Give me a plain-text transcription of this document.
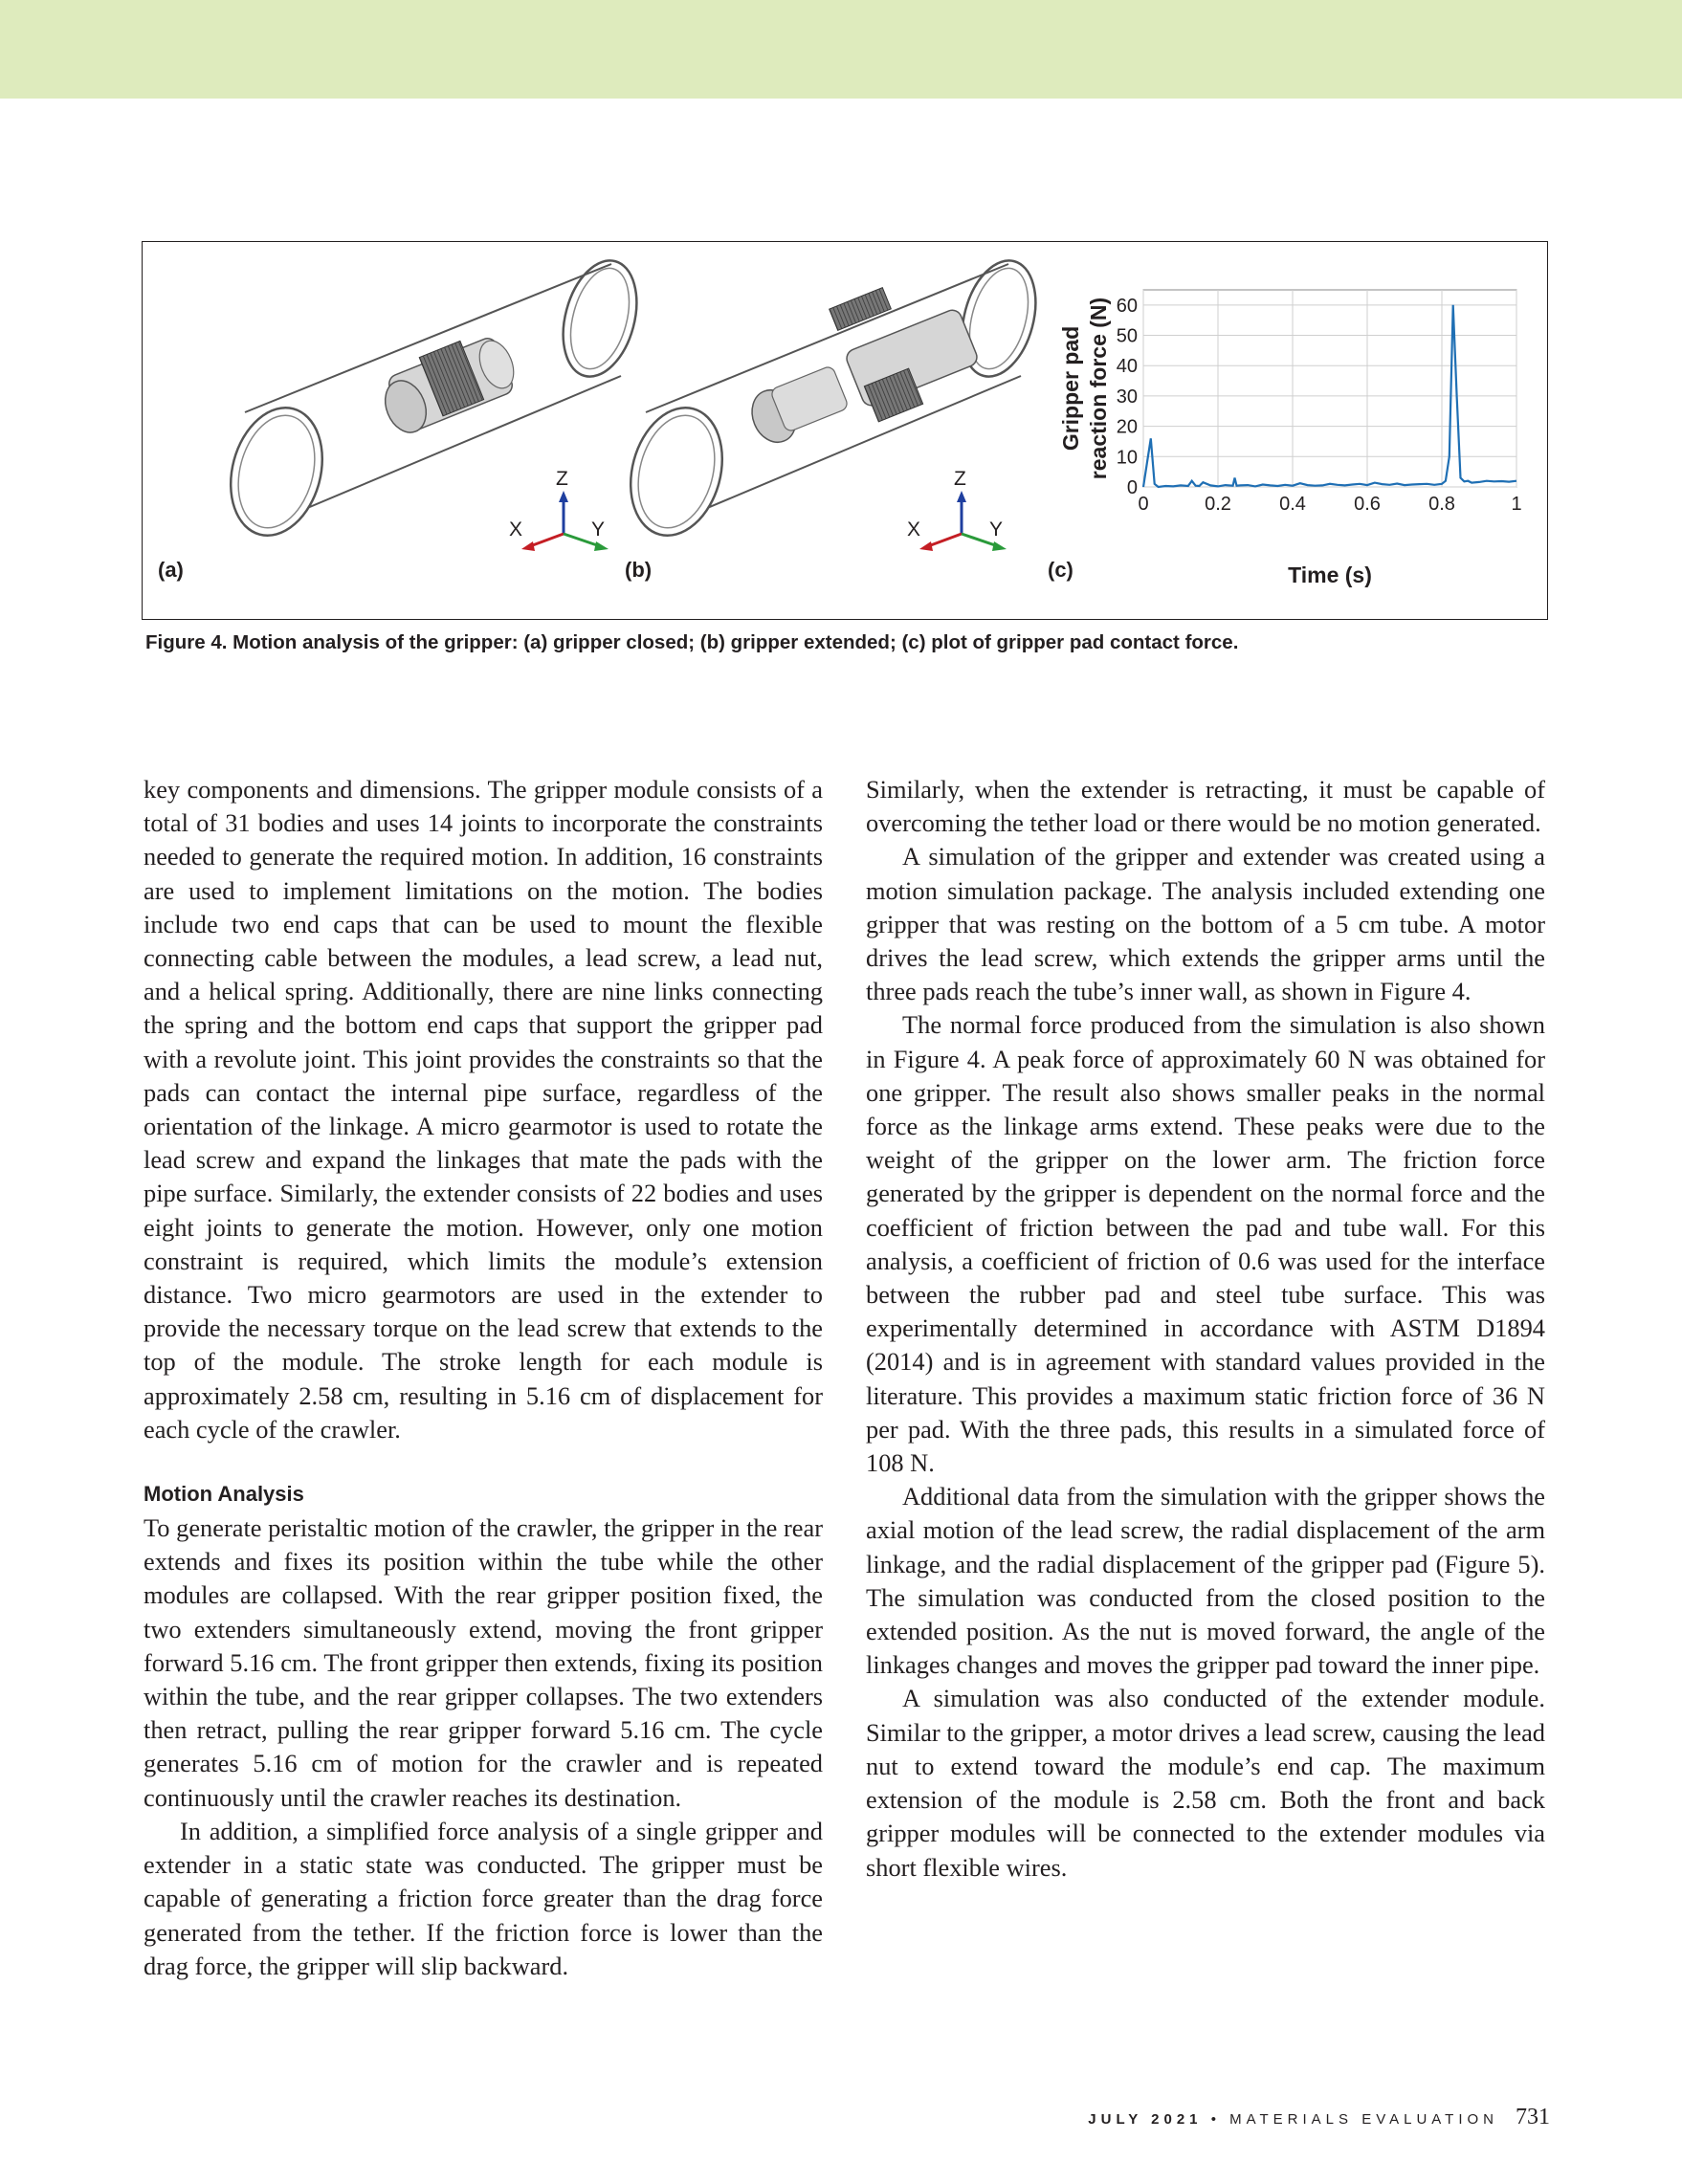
0
10
20
30
40
50
60
0	0.2	0.4	0.6	0.8	1
Gripper pad reaction force (N)
Time (s)
(a)	(b)	(c)
Z
X	Y
Z
X	Y
Figure 4. Motion analysis of the gripper: (a) gripper closed; (b) gripper extended; (c) plot of gripper pad contact force.

key components and dimensions. The gripper module consists of a total of 31 bodies and uses 14 joints to incorporate the constraints needed to generate the required motion. In addition, 16 constraints are used to implement limitations on the motion. The bodies include two end caps that can be used to mount the flexible connecting cable between the modules, a lead screw, a lead nut, and a helical spring. Additionally, there are nine links connecting the spring and the bottom end caps that support the gripper pad with a revolute joint. This joint provides the constraints so that the pads can contact the internal pipe surface, regardless of the orientation of the linkage. A micro gearmotor is used to rotate the lead screw and expand the linkages that mate the pads with the pipe surface. Similarly, the extender consists of 22 bodies and uses eight joints to generate the motion. However, only one motion constraint is required, which limits the module’s extension distance. Two micro gearmotors are used in the extender to provide the necessary torque on the lead screw that extends to the top of the module. The stroke length for each module is approximately 2.58 cm, resulting in 5.16 cm of displacement for each cycle of the crawler.

Motion Analysis

To generate peristaltic motion of the crawler, the gripper in the rear extends and fixes its position within the tube while the other modules are collapsed. With the rear gripper position fixed, the two extenders simultaneously extend, moving the front gripper forward 5.16 cm. The front gripper then extends, fixing its position within the tube, and the rear gripper collapses. The two extenders then retract, pulling the rear gripper forward 5.16 cm. The cycle generates 5.16 cm of motion for the crawler and is repeated continuously until the crawler reaches its destination.

In addition, a simplified force analysis of a single gripper and extender in a static state was conducted. The gripper must be capable of generating a friction force greater than the drag force generated from the tether. If the friction force is lower than the drag force, the gripper will slip backward.

Similarly, when the extender is retracting, it must be capable of overcoming the tether load or there would be no motion generated.

A simulation of the gripper and extender was created using a motion simulation package. The analysis included extending one gripper that was resting on the bottom of a 5 cm tube. A motor drives the lead screw, which extends the gripper arms until the three pads reach the tube’s inner wall, as shown in Figure 4.

The normal force produced from the simulation is also shown in Figure 4. A peak force of approximately 60 N was obtained for one gripper. The result also shows smaller peaks in the normal force as the linkage arms extend. These peaks were due to the weight of the gripper on the lower arm. The friction force generated by the gripper is dependent on the normal force and the coefficient of friction between the pad and tube wall. For this analysis, a coefficient of friction of 0.6 was used for the interface between the rubber pad and steel tube surface. This was experimentally determined in accordance with ASTM D1894 (2014) and is in agreement with standard values provided in the literature. This provides a maximum static friction force of 36 N per pad. With the three pads, this results in a simulated force of 108 N.

Additional data from the simulation with the gripper shows the axial motion of the lead screw, the radial displacement of the arm linkage, and the radial displacement of the gripper pad (Figure 5). The simulation was conducted from the closed position to the extended position. As the nut is moved forward, the angle of the linkages changes and moves the gripper pad toward the inner pipe.

A simulation was also conducted of the extender module. Similar to the gripper, a motor drives a lead screw, causing the lead nut to extend toward the module’s end cap. The maximum extension of the module is 2.58 cm. Both the front and back gripper modules will be connected to the extender modules via short flexible wires.

JULY 2021 • MATERIALS EVALUATION 731
